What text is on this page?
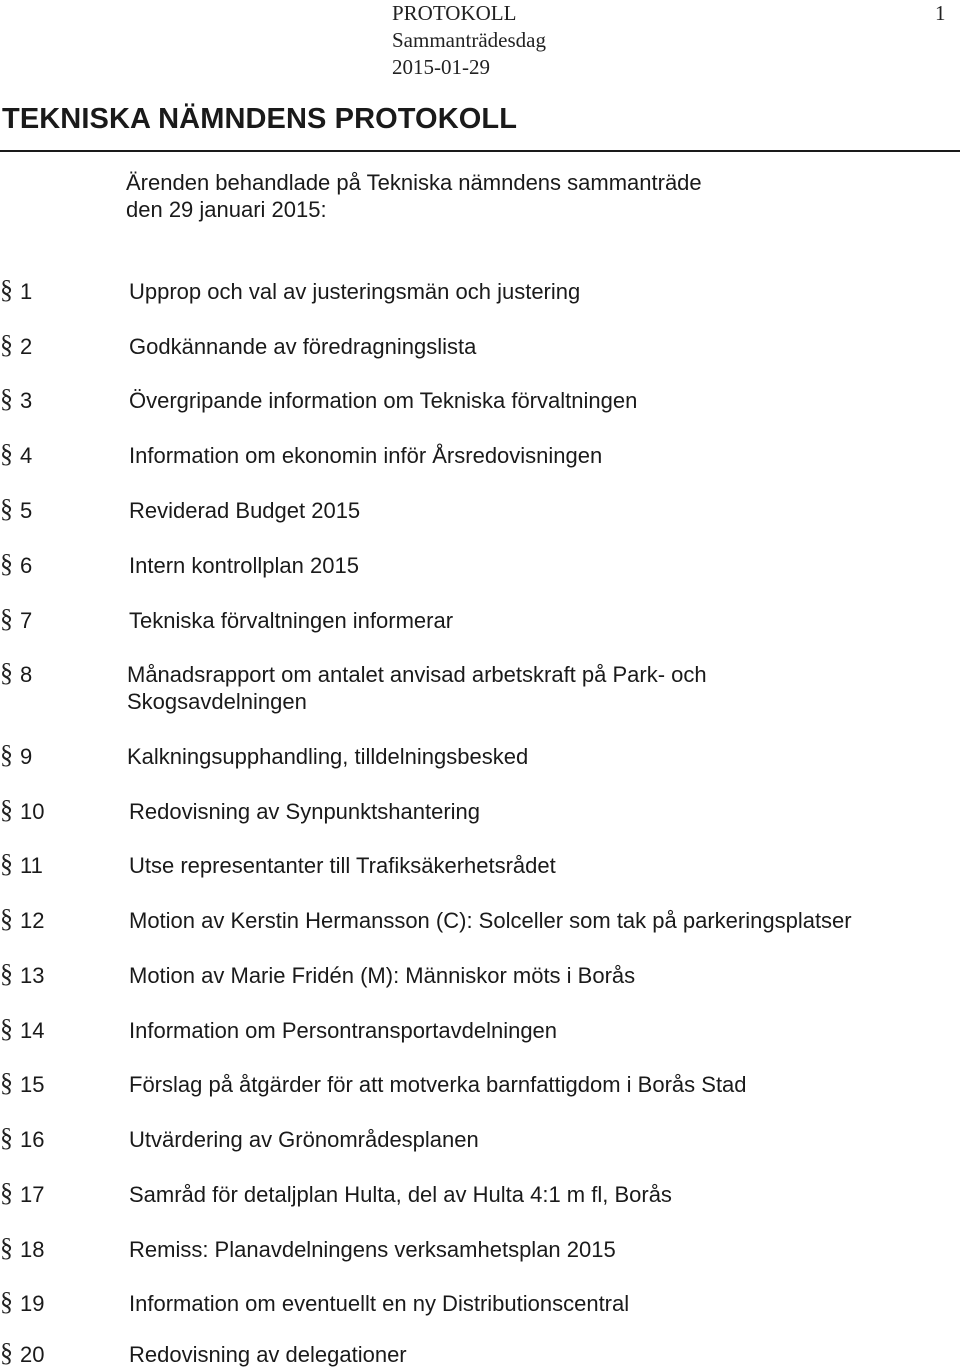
PROTOKOLL
Sammanträdesdag
2015-01-29
1
TEKNISKA NÄMNDENS PROTOKOLL
Ärenden behandlade på Tekniska nämndens sammanträde
den 29 januari 2015:
§ 1	Upprop och val av justeringsmän och justering
§ 2	Godkännande av föredragningslista
§ 3	Övergripande information om Tekniska förvaltningen
§ 4	Information om ekonomin inför Årsredovisningen
§ 5	Reviderad Budget 2015
§ 6	Intern kontrollplan 2015
§ 7	Tekniska förvaltningen informerar
§ 8	Månadsrapport om antalet anvisad arbetskraft på Park- och
Skogsavdelningen
§ 9	Kalkningsupphandling, tilldelningsbesked
§ 10	Redovisning av Synpunktshantering
§ 11	Utse representanter till Trafiksäkerhetsrådet
§ 12	Motion av Kerstin Hermansson (C): Solceller som tak på parkeringsplatser
§ 13	Motion av Marie Fridén (M): Människor möts i Borås
§ 14	Information om Persontransportavdelningen
§ 15	Förslag på åtgärder för att motverka barnfattigdom i Borås Stad
§ 16	Utvärdering av Grönområdesplanen
§ 17	Samråd för detaljplan Hulta, del av Hulta 4:1 m fl, Borås
§ 18	Remiss: Planavdelningens verksamhetsplan 2015
§ 19	Information om eventuellt en ny Distributionscentral
§ 20	Redovisning av delegationer
